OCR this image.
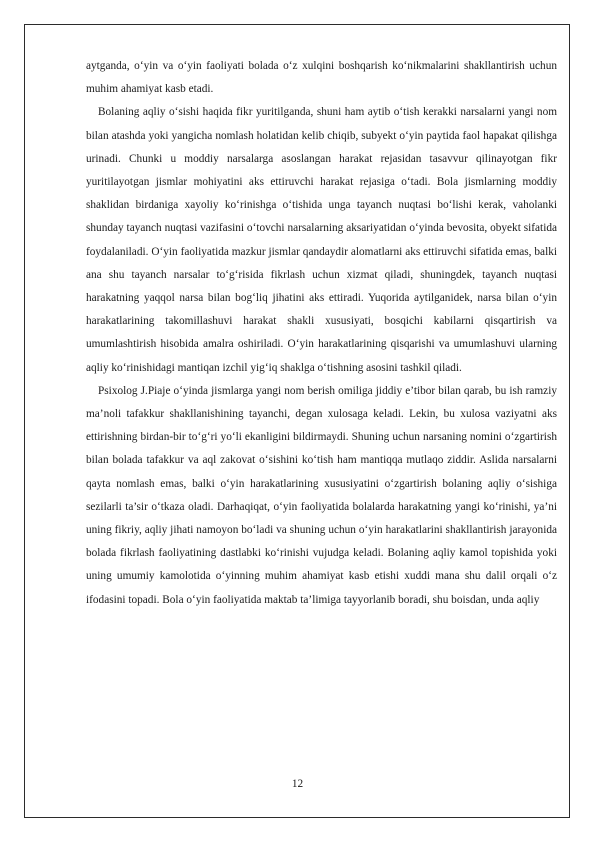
aytganda, o‘yin va o‘yin faoliyati bolada o‘z xulqini boshqarish ko‘nikmalarini shakllantirish uchun muhim ahamiyat kasb etadi.

Bolaning aqliy o‘sishi haqida fikr yuritilganda, shuni ham aytib o‘tish kerakki narsalarni yangi nom bilan atashda yoki yangicha nomlash holatidan kelib chiqib, subyekt o‘yin paytida faol hapakat qilishga urinadi. Chunki u moddiy narsalarga asoslangan harakat rejasidan tasavvur qilinayotgan fikr yuritilayotgan jismlar mohiyatini aks ettiruvchi harakat rejasiga o‘tadi. Bola jismlarning moddiy shaklidan birdaniga xayoliy ko‘rinishga o‘tishida unga tayanch nuqtasi bo‘lishi kerak, vaholanki shunday tayanch nuqtasi vazifasini o‘tovchi narsalarning aksariyatidan o‘yinda bevosita, obyekt sifatida foydalaniladi. O‘yin faoliyatida mazkur jismlar qandaydir alomatlarni aks ettiruvchi sifatida emas, balki ana shu tayanch narsalar to‘g‘risida fikrlash uchun xizmat qiladi, shuningdek, tayanch nuqtasi harakatning yaqqol narsa bilan bog‘liq jihatini aks ettiradi. Yuqorida aytilganidek, narsa bilan o‘yin harakatlarining takomillashuvi harakat shakli xususiyati, bosqichi kabilarni qisqartirish va umumlashtirish hisobida amalra oshiriladi. O‘yin harakatlarining qisqarishi va umumlashuvi ularning aqliy ko‘rinishidagi mantiqan izchil yig‘iq shaklga o‘tishning asosini tashkil qiladi.

Psixolog J.Piaje o‘yinda jismlarga yangi nom berish omiliga jiddiy e’tibor bilan qarab, bu ish ramziy ma’noli tafakkur shakllanishining tayanchi, degan xulosaga keladi. Lekin, bu xulosa vaziyatni aks ettirishning birdan-bir to‘g‘ri yo‘li ekanligini bildirmaydi. Shuning uchun narsaning nomini o‘zgartirish bilan bolada tafakkur va aql zakovat o‘sishini ko‘tish ham mantiqqa mutlaqo ziddir. Aslida narsalarni qayta nomlash emas, balki o‘yin harakatlarining xususiyatini o‘zgartirish bolaning aqliy o‘sishiga sezilarli ta’sir o‘tkaza oladi. Darhaqiqat, o‘yin faoliyatida bolalarda harakatning yangi ko‘rinishi, ya’ni uning fikriy, aqliy jihati namoyon bo‘ladi va shuning uchun o‘yin harakatlarini shakllantirish jarayonida bolada fikrlash faoliyatining dastlabki ko‘rinishi vujudga keladi. Bolaning aqliy kamol topishida yoki uning umumiy kamolotida o‘yinning muhim ahamiyat kasb etishi xuddi mana shu dalil orqali o‘z ifodasini topadi. Bola o‘yin faoliyatida maktab ta’limiga tayyorlanib boradi, shu boisdan, unda aqliy

12
